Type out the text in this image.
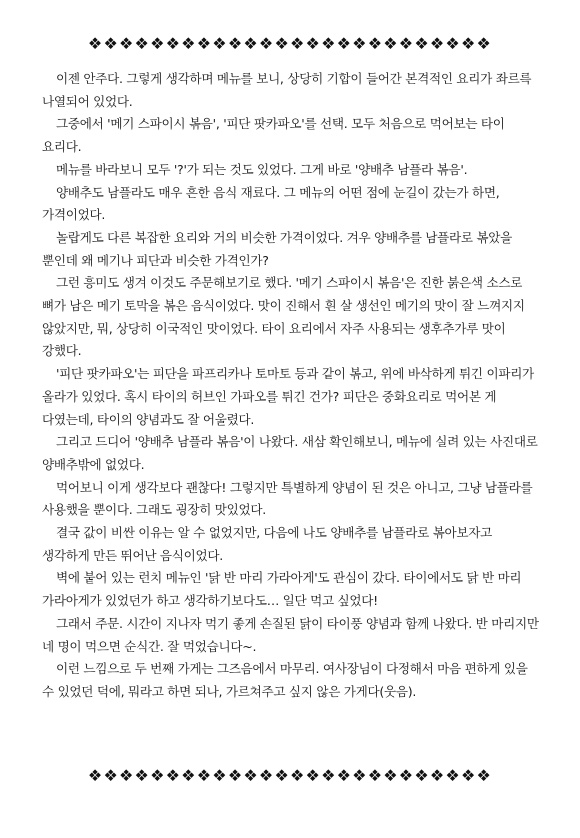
❖❖❖❖❖❖❖❖❖❖❖❖❖❖❖❖❖❖❖❖❖❖❖❖❖❖

이젠 안주다. 그렇게 생각하며 메뉴를 보니, 상당히 기합이 들어간 본격적인 요리가 좌르륵 나열되어 있었다.

그중에서 '메기 스파이시 볶음', '피단 팟카파오'를 선택. 모두 처음으로 먹어보는 타이 요리다.

메뉴를 바라보니 모두 '?'가 되는 것도 있었다. 그게 바로 '양배추 남플라 볶음'.

양배추도 남플라도 매우 흔한 음식 재료다. 그 메뉴의 어떤 점에 눈길이 갔는가 하면, 가격이었다.

놀랍게도 다른 복잡한 요리와 거의 비슷한 가격이었다. 겨우 양배추를 남플라로 볶았을 뿐인데 왜 메기나 피단과 비슷한 가격인가?

그런 흥미도 생겨 이것도 주문해보기로 했다. '메기 스파이시 볶음'은 진한 붉은색 소스로 뼈가 남은 메기 토막을 볶은 음식이었다. 맛이 진해서 흰 살 생선인 메기의 맛이 잘 느껴지지 않았지만, 뭐, 상당히 이국적인 맛이었다. 타이 요리에서 자주 사용되는 생후추가루 맛이 강했다.

'피단 팟카파오'는 피단을 파프리카나 토마토 등과 같이 볶고, 위에 바삭하게 튀긴 이파리가 올라가 있었다. 혹시 타이의 허브인 가파오를 튀긴 건가? 피단은 중화요리로 먹어본 게 다였는데, 타이의 양념과도 잘 어울렸다.

그리고 드디어 '양배추 남플라 볶음'이 나왔다. 새삼 확인해보니, 메뉴에 실려 있는 사진대로 양배추밖에 없었다.

먹어보니 이게 생각보다 괜찮다! 그렇지만 특별하게 양념이 된 것은 아니고, 그냥 남플라를 사용했을 뿐이다. 그래도 굉장히 맛있었다.

결국 값이 비싼 이유는 알 수 없었지만, 다음에 나도 양배추를 남플라로 볶아보자고 생각하게 만든 뛰어난 음식이었다.

벽에 붙어 있는 런치 메뉴인 '닭 반 마리 가라아게'도 관심이 갔다. 타이에서도 닭 반 마리 가라아게가 있었던가 하고 생각하기보다도… 일단 먹고 싶었다!

그래서 주문. 시간이 지나자 먹기 좋게 손질된 닭이 타이풍 양념과 함께 나왔다. 반 마리지만 네 명이 먹으면 순식간. 잘 먹었습니다~.

이런 느낌으로 두 번째 가게는 그즈음에서 마무리. 여사장님이 다정해서 마음 편하게 있을 수 있었던 덕에, 뭐라고 하면 되나, 가르쳐주고 싶지 않은 가게다(웃음).

❖❖❖❖❖❖❖❖❖❖❖❖❖❖❖❖❖❖❖❖❖❖❖❖❖❖
